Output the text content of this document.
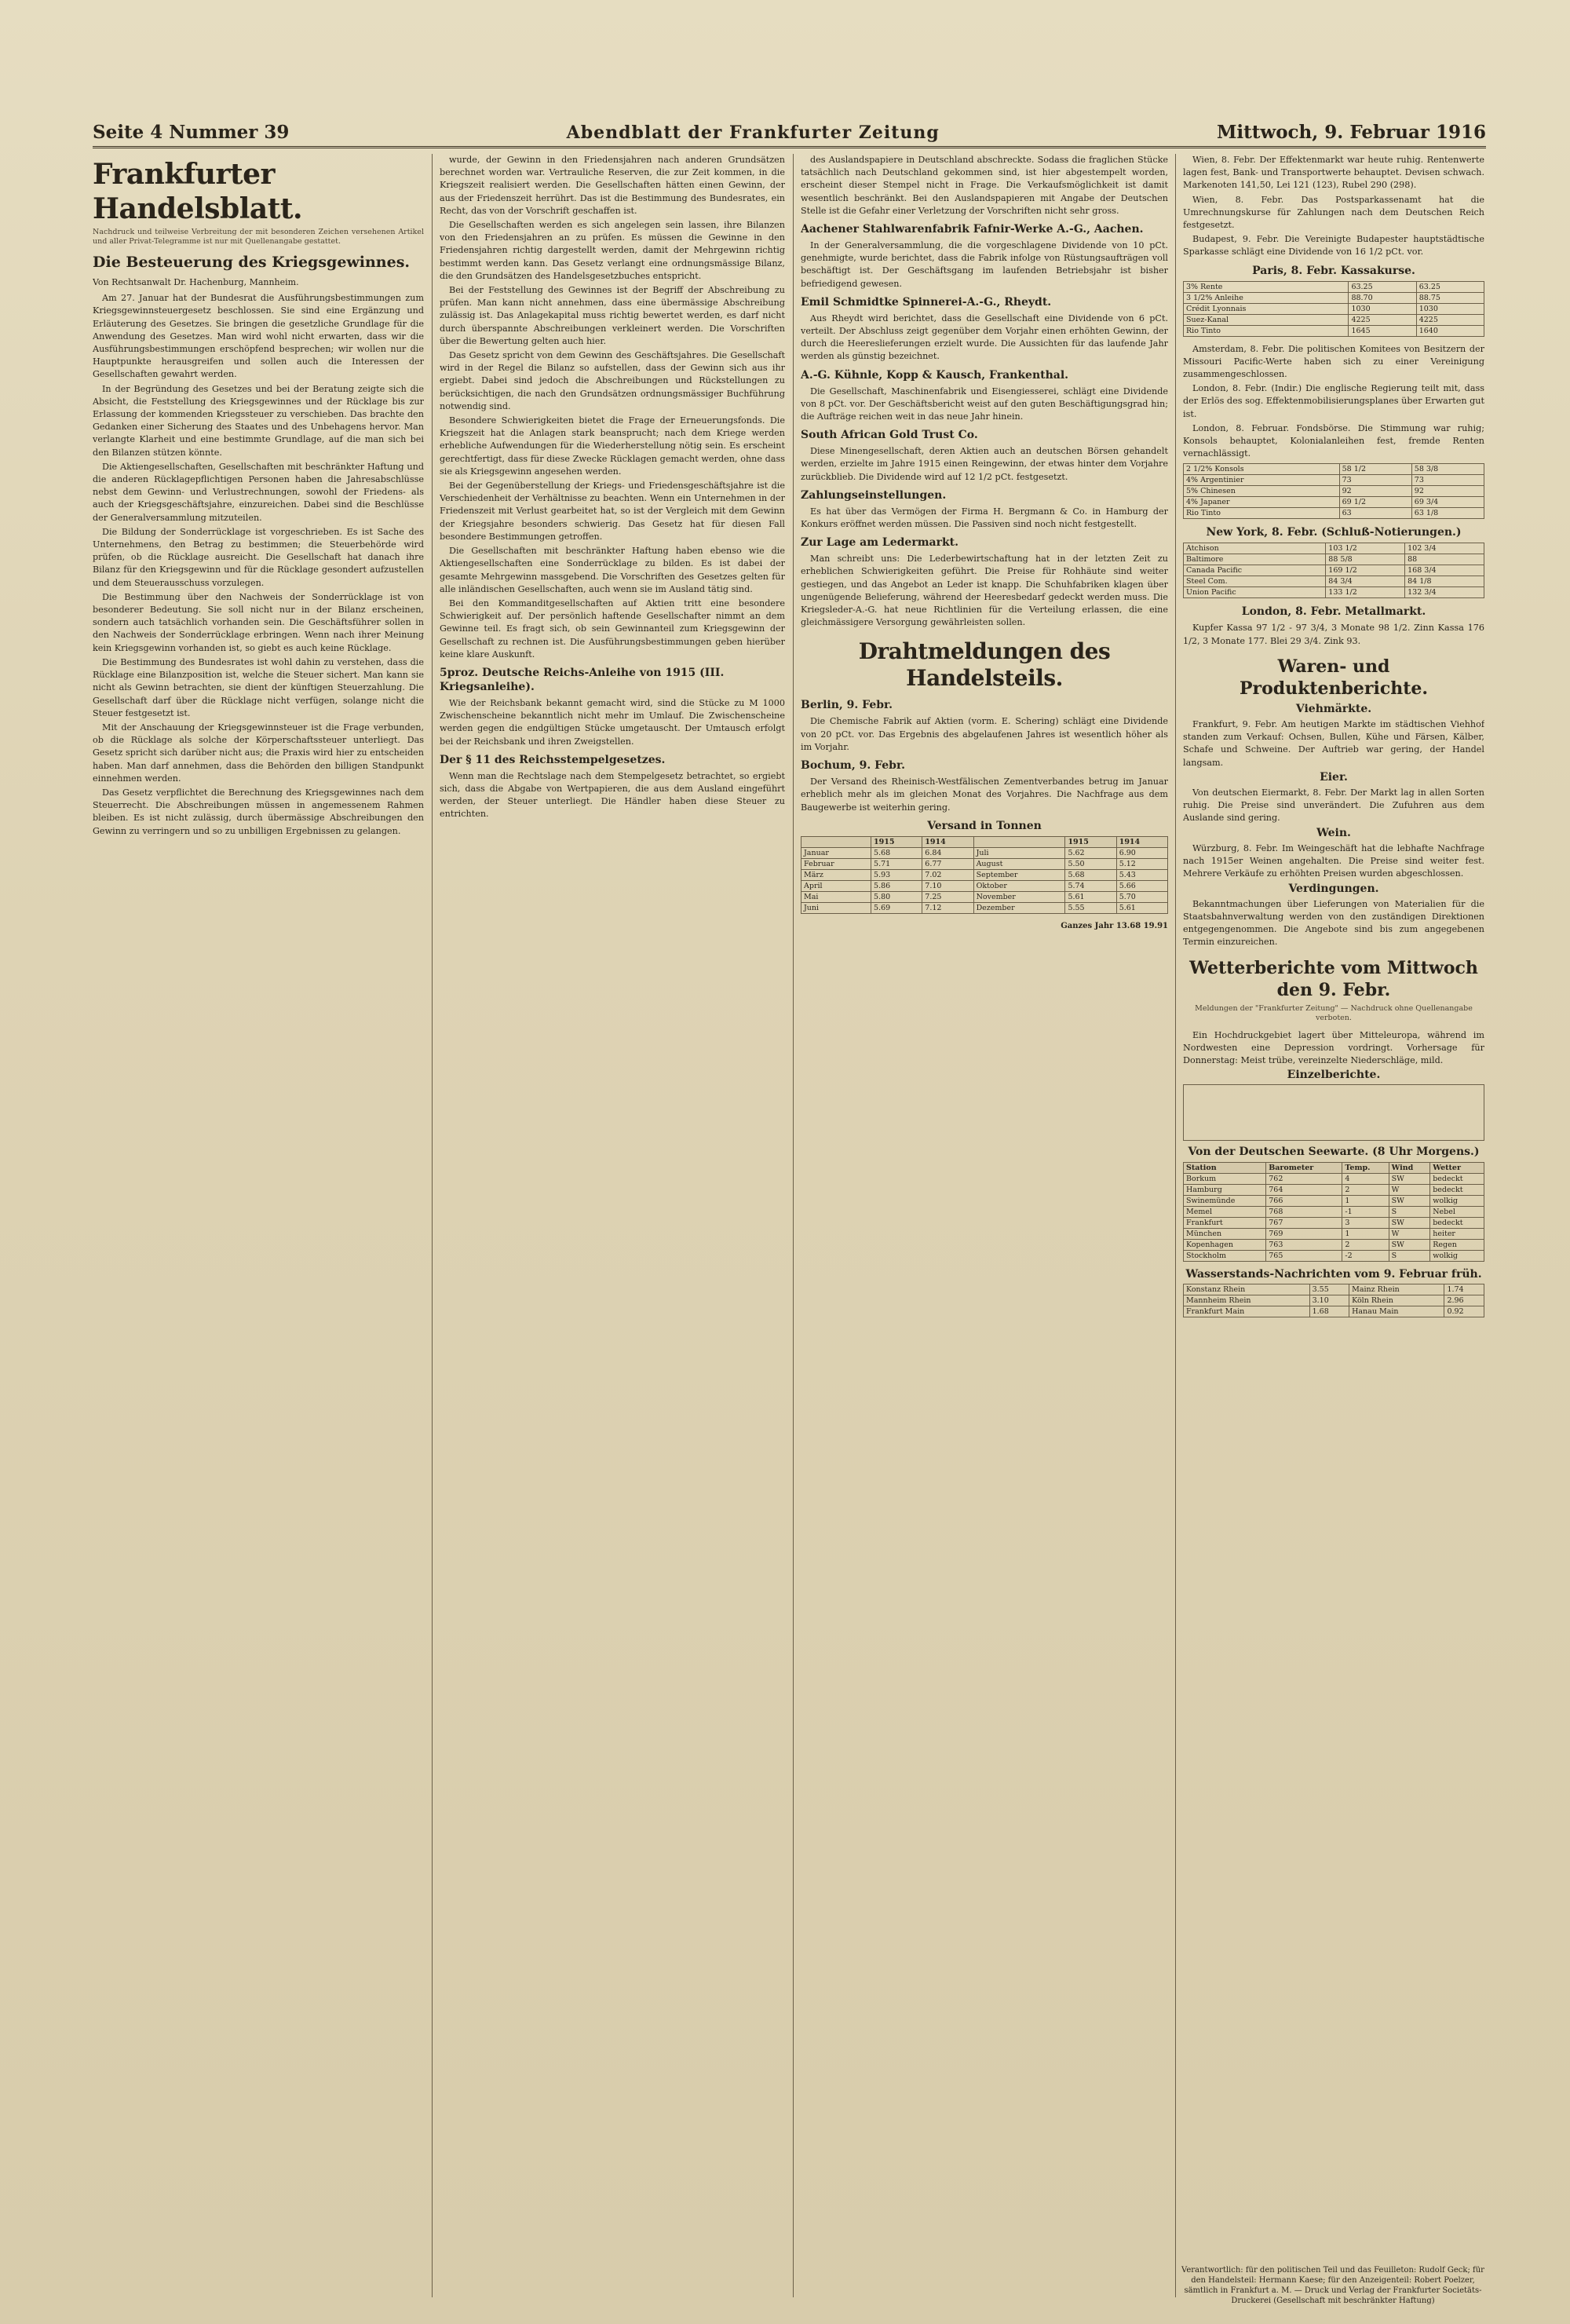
Seite 4 Nummer 39	Abendblatt der Frankfurter Zeitung	Mittwoch, 9. Februar 1916
Frankfurter Handelsblatt.
Nachdruck und teilweise Verbreitung der mit besonderen Zeichen versehenen Artikel und aller Privat-Telegramme ist nur mit Quellenangabe gestattet.
Die Besteuerung des Kriegsgewinnes.
Von Rechtsanwalt Dr. Hachenburg, Mannheim.

Am 27. Januar hat der Bundesrat die Ausführungsbestimmungen zum Kriegsgewinnsteuergesetz beschlossen. Sie sind eine Ergänzung und Erläuterung des Gesetzes. Sie bringen die gesetzliche Grundlage für die Anwendung des Gesetzes. Man wird wohl nicht erwarten, dass wir die Ausführungsbestimmungen erschöpfend besprechen; wir wollen nur die Hauptpunkte herausgreifen und sollen auch die Interessen der Gesellschaften gewahrt werden.

In der Begründung des Gesetzes und bei der Beratung zeigte sich die Absicht, die Feststellung des Kriegsgewinnes und der Rücklage bis zur Erlassung der kommenden Kriegssteuer zu verschieben. Das brachte den Gedanken einer Sicherung des Staates und des Unbehagens hervor. Man verlangte Klarheit und eine bestimmte Grundlage, auf die man sich bei den Bilanzen stützen könnte.

Die Aktiengesellschaften, Gesellschaften mit beschränkter Haftung und die anderen Rücklagepflichtigen Personen haben die Jahresabschlüsse nebst dem Gewinn- und Verlustrechnungen, sowohl der Friedens- als auch der Kriegsgeschäftsjahre, einzureichen. Dabei sind die Beschlüsse der Generalversammlung mitzuteilen.

Die Bildung der Sonderrücklage ist vorgeschrieben. Es ist Sache des Unternehmens, den Betrag zu bestimmen; die Steuerbehörde wird prüfen, ob die Rücklage ausreicht. Die Gesellschaft hat danach ihre Bilanz für den Kriegsgewinn und für die Rücklage gesondert aufzustellen und dem Steuerausschuss vorzulegen.

Die Bestimmung über den Nachweis der Sonderrücklage ist von besonderer Bedeutung. Sie soll nicht nur in der Bilanz erscheinen, sondern auch tatsächlich vorhanden sein. Die Geschäftsführer sollen in den Nachweis der Sonderrücklage erbringen. Wenn nach ihrer Meinung kein Kriegsgewinn vorhanden ist, so giebt es auch keine Rücklage.

Die Bestimmung des Bundesrates ist wohl dahin zu verstehen, dass die Rücklage eine Bilanzposition ist, welche die Steuer sichert. Man kann sie nicht als Gewinn betrachten, sie dient der künftigen Steuerzahlung. Die Gesellschaft darf über die Rücklage nicht verfügen, solange nicht die Steuer festgesetzt ist.

Mit der Anschauung der Kriegsgewinnsteuer ist die Frage verbunden, ob die Rücklage als solche der Körperschaftssteuer unterliegt. Das Gesetz spricht sich darüber nicht aus; die Praxis wird hier zu entscheiden haben. Man darf annehmen, dass die Behörden den billigen Standpunkt einnehmen werden.

Das Gesetz verpflichtet die Berechnung des Kriegsgewinnes nach dem Steuerrecht. Die Abschreibungen müssen in angemessenem Rahmen bleiben. Es ist nicht zulässig, durch übermässige Abschreibungen den Gewinn zu verringern und so zu unbilligen Ergebnissen zu gelangen.

wurde, der Gewinn in den Friedensjahren nach anderen Grundsätzen berechnet worden war. Vertrauliche Reserven, die zur Zeit kommen, in die Kriegszeit realisiert werden. Die Gesellschaften hätten einen Gewinn, der aus der Friedenszeit herrührt. Das ist die Bestimmung des Bundesrates, ein Recht, das von der Vorschrift geschaffen ist.

Die Gesellschaften werden es sich angelegen sein lassen, ihre Bilanzen von den Friedensjahren an zu prüfen. Es müssen die Gewinne in den Friedensjahren richtig dargestellt werden, damit der Mehrgewinn richtig bestimmt werden kann. Das Gesetz verlangt eine ordnungsmässige Bilanz, die den Grundsätzen des Handelsgesetzbuches entspricht.

Bei der Feststellung des Gewinnes ist der Begriff der Abschreibung zu prüfen. Man kann nicht annehmen, dass eine übermässige Abschreibung zulässig ist. Das Anlagekapital muss richtig bewertet werden, es darf nicht durch überspannte Abschreibungen verkleinert werden. Die Vorschriften über die Bewertung gelten auch hier.

Das Gesetz spricht von dem Gewinn des Geschäftsjahres. Die Gesellschaft wird in der Regel die Bilanz so aufstellen, dass der Gewinn sich aus ihr ergiebt. Dabei sind jedoch die Abschreibungen und Rückstellungen zu berücksichtigen, die nach den Grundsätzen ordnungsmässiger Buchführung notwendig sind.

Besondere Schwierigkeiten bietet die Frage der Erneuerungsfonds. Die Kriegszeit hat die Anlagen stark beansprucht; nach dem Kriege werden erhebliche Aufwendungen für die Wiederherstellung nötig sein. Es erscheint gerechtfertigt, dass für diese Zwecke Rücklagen gemacht werden, ohne dass sie als Kriegsgewinn angesehen werden.

Bei der Gegenüberstellung der Kriegs- und Friedensgeschäftsjahre ist die Verschiedenheit der Verhältnisse zu beachten. Wenn ein Unternehmen in der Friedenszeit mit Verlust gearbeitet hat, so ist der Vergleich mit dem Gewinn der Kriegsjahre besonders schwierig. Das Gesetz hat für diesen Fall besondere Bestimmungen getroffen.

Die Gesellschaften mit beschränkter Haftung haben ebenso wie die Aktiengesellschaften eine Sonderrücklage zu bilden. Es ist dabei der gesamte Mehrgewinn massgebend. Die Vorschriften des Gesetzes gelten für alle inländischen Gesellschaften, auch wenn sie im Ausland tätig sind.

Bei den Kommanditgesellschaften auf Aktien tritt eine besondere Schwierigkeit auf. Der persönlich haftende Gesellschafter nimmt an dem Gewinne teil. Es fragt sich, ob sein Gewinnanteil zum Kriegsgewinn der Gesellschaft zu rechnen ist. Die Ausführungsbestimmungen geben hierüber keine klare Auskunft.

5proz. Deutsche Reichs-Anleihe von 1915 (III. Kriegsanleihe).

Wie der Reichsbank bekannt gemacht wird, sind die Stücke zu M 1000 Zwischenscheine bekanntlich nicht mehr im Umlauf. Die Zwischenscheine werden gegen die endgültigen Stücke umgetauscht. Der Umtausch erfolgt bei der Reichsbank und ihren Zweigstellen.

Der § 11 des Reichsstempelgesetzes.

Wenn man die Rechtslage nach dem Stempelgesetz betrachtet, so ergiebt sich, dass die Abgabe von Wertpapieren, die aus dem Ausland eingeführt werden, der Steuer unterliegt. Die Händler haben diese Steuer zu entrichten.

des Auslandspapiere in Deutschland abschreckte. Sodass die fraglichen Stücke tatsächlich nach Deutschland gekommen sind, ist hier abgestempelt worden, erscheint dieser Stempel nicht in Frage. Die Verkaufsmöglichkeit ist damit wesentlich beschränkt. Bei den Auslandspapieren mit Angabe der Deutschen Stelle ist die Gefahr einer Verletzung der Vorschriften nicht sehr gross.

Aachener Stahlwarenfabrik Fafnir-Werke A.-G., Aachen.

In der Generalversammlung, die die vorgeschlagene Dividende von 10 pCt. genehmigte, wurde berichtet, dass die Fabrik infolge von Rüstungsaufträgen voll beschäftigt ist. Der Geschäftsgang im laufenden Betriebsjahr ist bisher befriedigend gewesen.

Emil Schmidtke Spinnerei-A.-G., Rheydt.

Aus Rheydt wird berichtet, dass die Gesellschaft eine Dividende von 6 pCt. verteilt. Der Abschluss zeigt gegenüber dem Vorjahr einen erhöhten Gewinn, der durch die Heereslieferungen erzielt wurde. Die Aussichten für das laufende Jahr werden als günstig bezeichnet.

A.-G. Kühnle, Kopp & Kausch, Frankenthal.

Die Gesellschaft, Maschinenfabrik und Eisengiesserei, schlägt eine Dividende von 8 pCt. vor. Der Geschäftsbericht weist auf den guten Beschäftigungsgrad hin; die Aufträge reichen weit in das neue Jahr hinein.

South African Gold Trust Co.

Diese Minengesellschaft, deren Aktien auch an deutschen Börsen gehandelt werden, erzielte im Jahre 1915 einen Reingewinn, der etwas hinter dem Vorjahre zurückblieb. Die Dividende wird auf 12 1/2 pCt. festgesetzt.

Zahlungseinstellungen.

Es hat über das Vermögen der Firma H. Bergmann & Co. in Hamburg der Konkurs eröffnet werden müssen. Die Passiven sind noch nicht festgestellt.

Zur Lage am Ledermarkt.

Man schreibt uns: Die Lederbewirtschaftung hat in der letzten Zeit zu erheblichen Schwierigkeiten geführt. Die Preise für Rohhäute sind weiter gestiegen, und das Angebot an Leder ist knapp. Die Schuhfabriken klagen über ungenügende Belieferung, während der Heeresbedarf gedeckt werden muss. Die Kriegsleder-A.-G. hat neue Richtlinien für die Verteilung erlassen, die eine gleichmässigere Versorgung gewährleisten sollen.

Drahtmeldungen des Handelsteils.
Berlin, 9. Febr.

Die Chemische Fabrik auf Aktien (vorm. E. Schering) schlägt eine Dividende von 20 pCt. vor. Das Ergebnis des abgelaufenen Jahres ist wesentlich höher als im Vorjahr.

Bochum, 9. Febr.

Der Versand des Rheinisch-Westfälischen Zementverbandes betrug im Januar erheblich mehr als im gleichen Monat des Vorjahres. Die Nachfrage aus dem Baugewerbe ist weiterhin gering.

Versand in Tonnen
	1915	1914		1915	1914
Januar	5.68	6.84	Juli	5.62	6.90
Februar	5.71	6.77	August	5.50	5.12
März	5.93	7.02	September	5.68	5.43
April	5.86	7.10	Oktober	5.74	5.66
Mai	5.80	7.25	November	5.61	5.70
Juni	5.69	7.12	Dezember	5.55	5.61
Ganzes Jahr 13.68 19.91

Wien, 8. Febr. Der Effektenmarkt war heute ruhig. Rentenwerte lagen fest, Bank- und Transportwerte behauptet. Devisen schwach. Markenoten 141,50, Lei 121 (123), Rubel 290 (298).

Wien, 8. Febr. Das Postsparkassenamt hat die Umrechnungskurse für Zahlungen nach dem Deutschen Reich festgesetzt.

Budapest, 9. Febr. Die Vereinigte Budapester hauptstädtische Sparkasse schlägt eine Dividende von 16 1/2 pCt. vor.

Paris, 8. Febr. Kassakurse.
3% Rente	63.25	63.25
3 1/2% Anleihe	88.70	88.75
Crédit Lyonnais	1030	1030
Suez-Kanal	4225	4225
Rio Tinto	1645	1640

Amsterdam, 8. Febr. Die politischen Komitees von Besitzern der Missouri Pacific-Werte haben sich zu einer Vereinigung zusammengeschlossen.

London, 8. Febr. (Indir.) Die englische Regierung teilt mit, dass der Erlös des sog. Effektenmobilisierungsplanes über Erwarten gut ist.

London, 8. Februar. Fondsbörse. Die Stimmung war ruhig; Konsols behauptet, Kolonialanleihen fest, fremde Renten vernachlässigt.

2 1/2% Konsols	58 1/2	58 3/8
4% Argentinier	73	73
5% Chinesen	92	92
4% Japaner	69 1/2	69 3/4
Rio Tinto	63	63 1/8
New York, 8. Febr. (Schluß-Notierungen.)
Atchison	103 1/2	102 3/4
Baltimore	88 5/8	88
Canada Pacific	169 1/2	168 3/4
Steel Com.	84 3/4	84 1/8
Union Pacific	133 1/2	132 3/4
London, 8. Febr. Metallmarkt.

Kupfer Kassa 97 1/2 - 97 3/4, 3 Monate 98 1/2. Zinn Kassa 176 1/2, 3 Monate 177. Blei 29 3/4. Zink 93.

Waren- und Produktenberichte.
Viehmärkte.

Frankfurt, 9. Febr. Am heutigen Markte im städtischen Viehhof standen zum Verkauf: Ochsen, Bullen, Kühe und Färsen, Kälber, Schafe und Schweine. Der Auftrieb war gering, der Handel langsam.

Eier.

Von deutschen Eiermarkt, 8. Febr. Der Markt lag in allen Sorten ruhig. Die Preise sind unverändert. Die Zufuhren aus dem Auslande sind gering.

Wein.

Würzburg, 8. Febr. Im Weingeschäft hat die lebhafte Nachfrage nach 1915er Weinen angehalten. Die Preise sind weiter fest. Mehrere Verkäufe zu erhöhten Preisen wurden abgeschlossen.

Verdingungen.

Bekanntmachungen über Lieferungen von Materialien für die Staatsbahnverwaltung werden von den zuständigen Direktionen entgegengenommen. Die Angebote sind bis zum angegebenen Termin einzureichen.

Wetterberichte vom Mittwoch den 9. Febr.
Meldungen der "Frankfurter Zeitung" — Nachdruck ohne Quellenangabe verboten.

Ein Hochdruckgebiet lagert über Mitteleuropa, während im Nordwesten eine Depression vordringt. Vorhersage für Donnerstag: Meist trübe, vereinzelte Niederschläge, mild.

Einzelberichte.
Von der Deutschen Seewarte. (8 Uhr Morgens.)
Station	Barometer	Temp.	Wind	Wetter
Borkum	762	4	SW	bedeckt
Hamburg	764	2	W	bedeckt
Swinemünde	766	1	SW	wolkig
Memel	768	-1	S	Nebel
Frankfurt	767	3	SW	bedeckt
München	769	1	W	heiter
Kopenhagen	763	2	SW	Regen
Stockholm	765	-2	S	wolkig
Wasserstands-Nachrichten vom 9. Februar früh.
Konstanz Rhein	3.55	Mainz Rhein	1.74
Mannheim Rhein	3.10	Köln Rhein	2.96
Frankfurt Main	1.68	Hanau Main	0.92
Verantwortlich: für den politischen Teil und das Feuilleton: Rudolf Geck; für den Handelsteil: Hermann Kaese; für den Anzeigenteil: Robert Poelzer, sämtlich in Frankfurt a. M. — Druck und Verlag der Frankfurter Societäts-Druckerei (Gesellschaft mit beschränkter Haftung)
